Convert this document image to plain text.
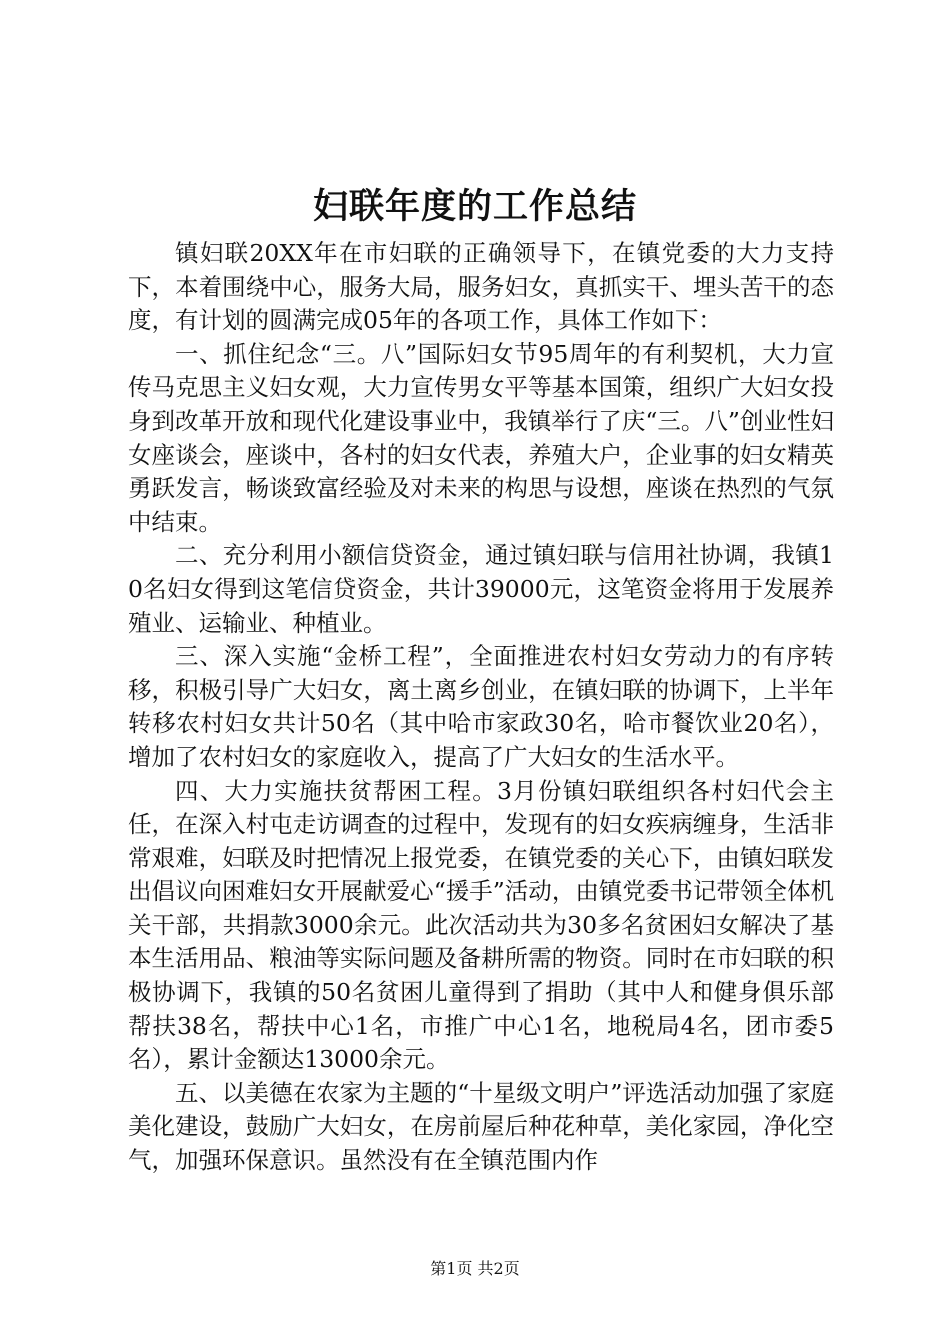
妇联年度的工作总结

镇妇联20XX年在市妇联的正确领导下，在镇党委的大力支持下，本着围绕中心，服务大局，服务妇女，真抓实干、埋头苦干的态度，有计划的圆满完成05年的各项工作，具体工作如下：

一、抓住纪念“三。八”国际妇女节95周年的有利契机，大力宣传马克思主义妇女观，大力宣传男女平等基本国策，组织广大妇女投身到改革开放和现代化建设事业中，我镇举行了庆“三。八”创业性妇女座谈会，座谈中，各村的妇女代表，养殖大户，企业事的妇女精英勇跃发言，畅谈致富经验及对未来的构思与设想，座谈在热烈的气氛中结束。

二、充分利用小额信贷资金，通过镇妇联与信用社协调，我镇10名妇女得到这笔信贷资金，共计39000元，这笔资金将用于发展养殖业、运输业、种植业。

三、深入实施“金桥工程”，全面推进农村妇女劳动力的有序转移，积极引导广大妇女，离土离乡创业，在镇妇联的协调下，上半年转移农村妇女共计50名（其中哈市家政30名，哈市餐饮业20名），增加了农村妇女的家庭收入，提高了广大妇女的生活水平。

四、大力实施扶贫帮困工程。3月份镇妇联组织各村妇代会主任，在深入村屯走访调查的过程中，发现有的妇女疾病缠身，生活非常艰难，妇联及时把情况上报党委，在镇党委的关心下，由镇妇联发出倡议向困难妇女开展献爱心“援手”活动，由镇党委书记带领全体机关干部，共捐款3000余元。此次活动共为30多名贫困妇女解决了基本生活用品、粮油等实际问题及备耕所需的物资。同时在市妇联的积极协调下，我镇的50名贫困儿童得到了捐助（其中人和健身俱乐部帮扶38名，帮扶中心1名，市推广中心1名，地税局4名，团市委5名），累计金额达13000余元。

五、以美德在农家为主题的“十星级文明户”评选活动加强了家庭美化建设，鼓励广大妇女，在房前屋后种花种草，美化家园，净化空气，加强环保意识。虽然没有在全镇范围内作

第1页 共2页
